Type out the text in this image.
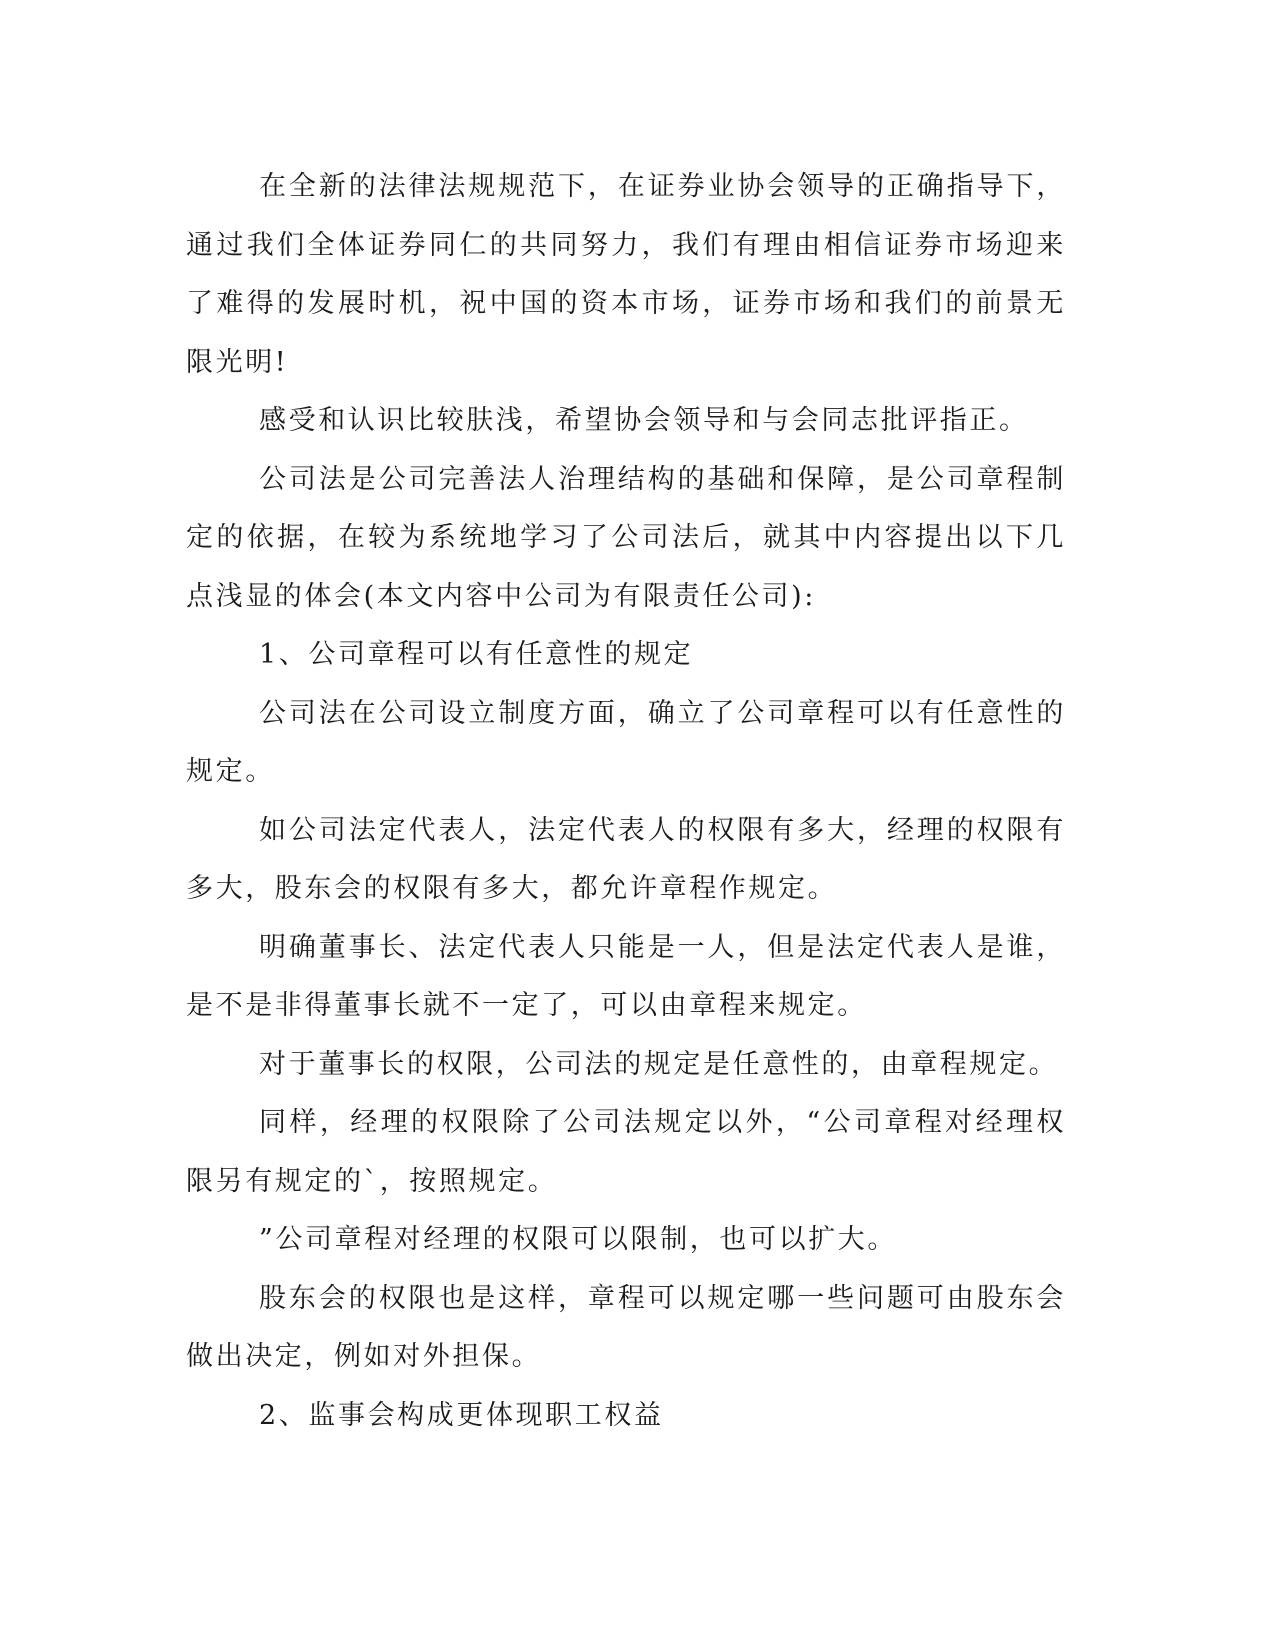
在全新的法律法规规范下，在证券业协会领导的正确指导下，通过我们全体证券同仁的共同努力，我们有理由相信证券市场迎来了难得的发展时机，祝中国的资本市场，证券市场和我们的前景无限光明!

感受和认识比较肤浅，希望协会领导和与会同志批评指正。

公司法是公司完善法人治理结构的基础和保障，是公司章程制定的依据，在较为系统地学习了公司法后，就其中内容提出以下几点浅显的体会(本文内容中公司为有限责任公司):

1、公司章程可以有任意性的规定

公司法在公司设立制度方面，确立了公司章程可以有任意性的规定。

如公司法定代表人，法定代表人的权限有多大，经理的权限有多大，股东会的权限有多大，都允许章程作规定。

明确董事长、法定代表人只能是一人，但是法定代表人是谁，是不是非得董事长就不一定了，可以由章程来规定。

对于董事长的权限，公司法的规定是任意性的，由章程规定。

同样，经理的权限除了公司法规定以外，“公司章程对经理权限另有规定的`，按照规定。

”公司章程对经理的权限可以限制，也可以扩大。

股东会的权限也是这样，章程可以规定哪一些问题可由股东会做出决定，例如对外担保。

2、监事会构成更体现职工权益
